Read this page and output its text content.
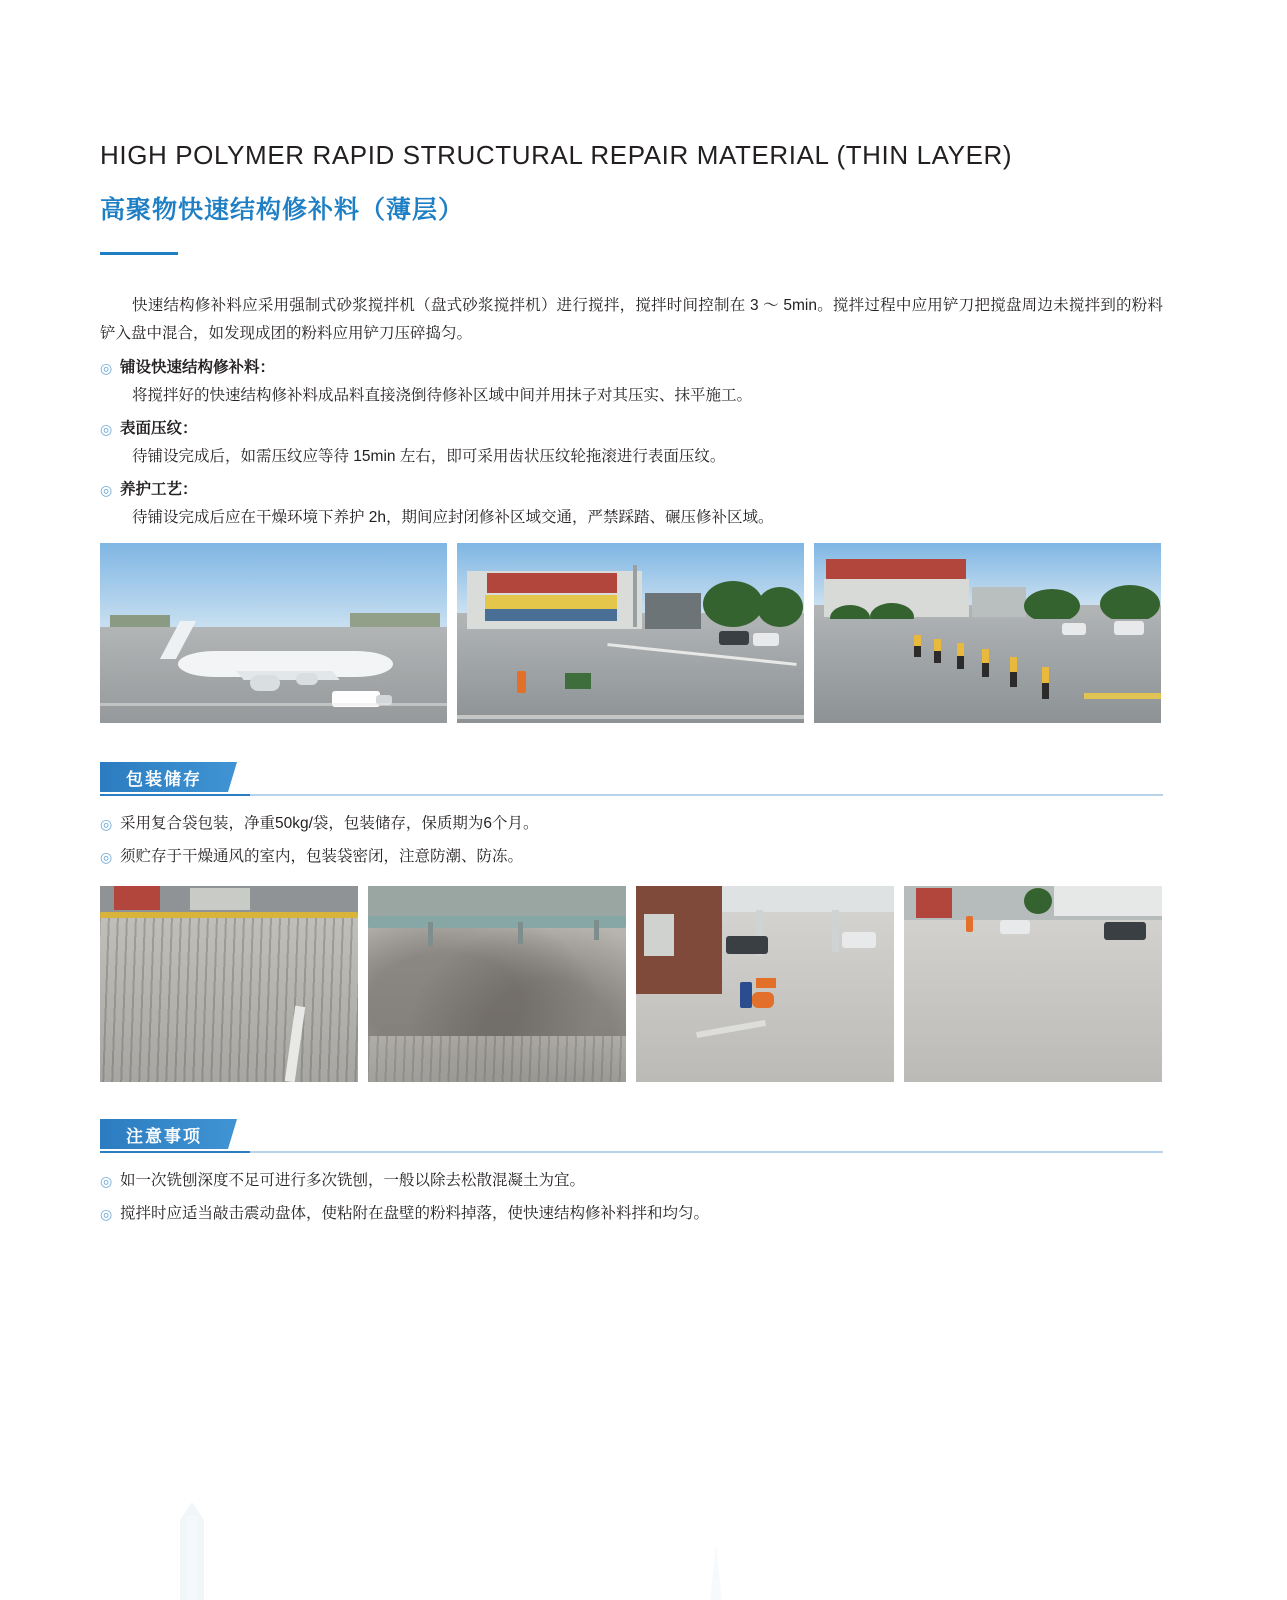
HIGH POLYMER RAPID STRUCTURAL REPAIR MATERIAL (THIN LAYER)
高聚物快速结构修补料（薄层）

快速结构修补料应采用强制式砂浆搅拌机（盘式砂浆搅拌机）进行搅拌，搅拌时间控制在 3 ～ 5min。搅拌过程中应用铲刀把搅盘周边未搅拌到的粉料铲入盘中混合，如发现成团的粉料应用铲刀压碎捣匀。

◎ 铺设快速结构修补料：

将搅拌好的快速结构修补料成品料直接浇倒待修补区域中间并用抹子对其压实、抹平施工。

◎ 表面压纹：

待铺设完成后，如需压纹应等待 15min 左右，即可采用齿状压纹轮拖滚进行表面压纹。

◎ 养护工艺：

待铺设完成后应在干燥环境下养护 2h，期间应封闭修补区域交通，严禁踩踏、碾压修补区域。

包装储存
◎ 采用复合袋包装，净重50kg/袋，包装储存，保质期为6个月。
◎ 须贮存于干燥通风的室内，包装袋密闭，注意防潮、防冻。
注意事项
◎ 如一次铣刨深度不足可进行多次铣刨，一般以除去松散混凝土为宜。
◎ 搅拌时应适当敲击震动盘体，使粘附在盘壁的粉料掉落，使快速结构修补料拌和均匀。
